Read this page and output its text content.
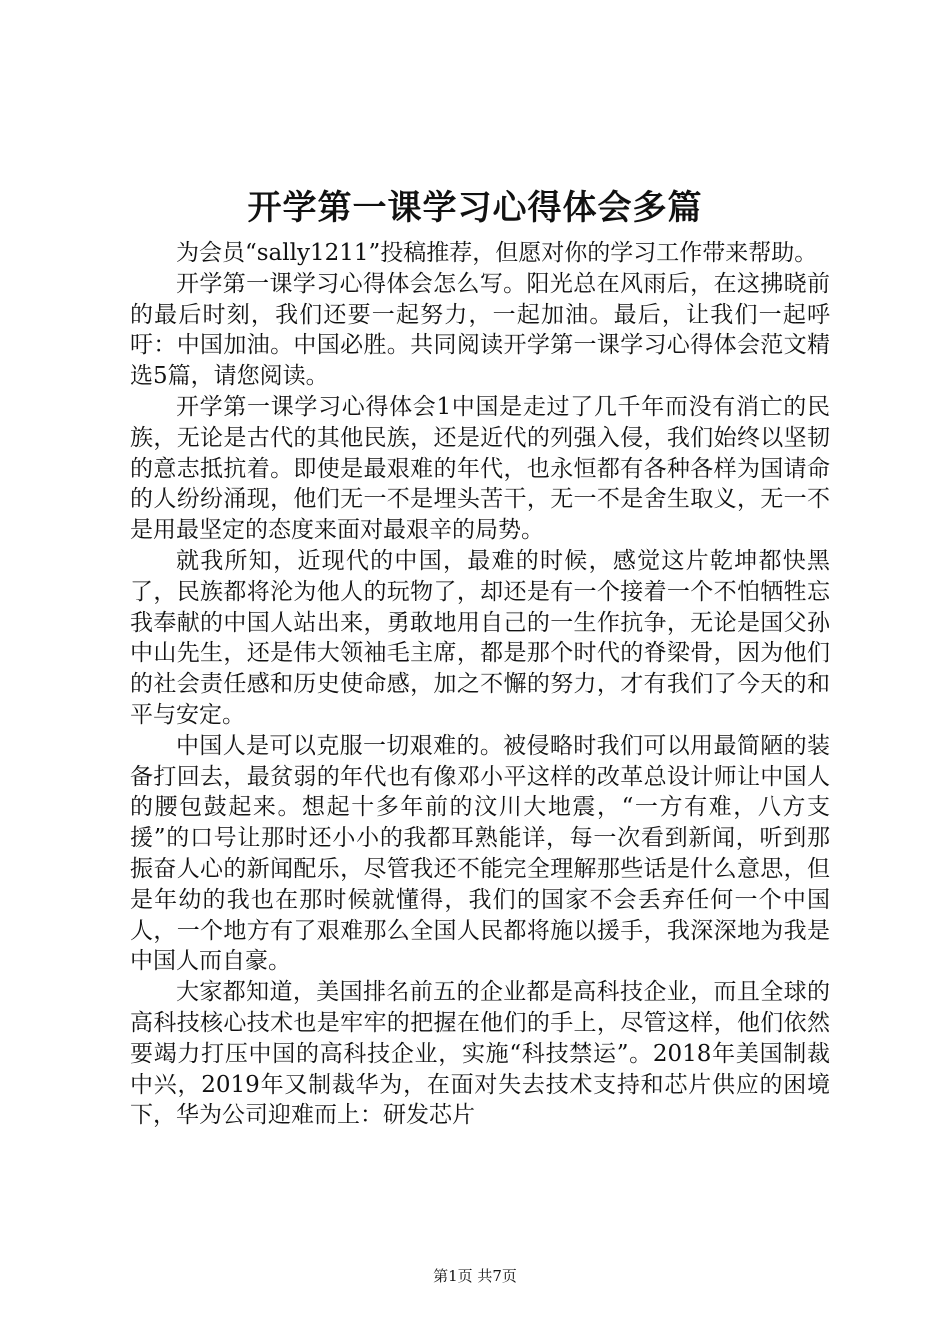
开学第一课学习心得体会多篇

为会员“sally1211”投稿推荐，但愿对你的学习工作带来帮助。

开学第一课学习心得体会怎么写。阳光总在风雨后，在这拂晓前的最后时刻，我们还要一起努力，一起加油。最后，让我们一起呼吁：中国加油。中国必胜。共同阅读开学第一课学习心得体会范文精选5篇，请您阅读。

开学第一课学习心得体会1中国是走过了几千年而没有消亡的民族，无论是古代的其他民族，还是近代的列强入侵，我们始终以坚韧的意志抵抗着。即使是最艰难的年代，也永恒都有各种各样为国请命的人纷纷涌现，他们无一不是埋头苦干，无一不是舍生取义，无一不是用最坚定的态度来面对最艰辛的局势。

就我所知，近现代的中国，最难的时候，感觉这片乾坤都快黑了，民族都将沦为他人的玩物了，却还是有一个接着一个不怕牺牲忘我奉献的中国人站出来，勇敢地用自己的一生作抗争，无论是国父孙中山先生，还是伟大领袖毛主席，都是那个时代的脊梁骨，因为他们的社会责任感和历史使命感，加之不懈的努力，才有我们了今天的和平与安定。

中国人是可以克服一切艰难的。被侵略时我们可以用最简陋的装备打回去，最贫弱的年代也有像邓小平这样的改革总设计师让中国人的腰包鼓起来。想起十多年前的汶川大地震，“一方有难，八方支援”的口号让那时还小小的我都耳熟能详，每一次看到新闻，听到那振奋人心的新闻配乐，尽管我还不能完全理解那些话是什么意思，但是年幼的我也在那时候就懂得，我们的国家不会丢弃任何一个中国人，一个地方有了艰难那么全国人民都将施以援手，我深深地为我是中国人而自豪。

大家都知道，美国排名前五的企业都是高科技企业，而且全球的高科技核心技术也是牢牢的把握在他们的手上，尽管这样，他们依然要竭力打压中国的高科技企业，实施“科技禁运”。2018年美国制裁中兴，2019年又制裁华为，在面对失去技术支持和芯片供应的困境下，华为公司迎难而上：研发芯片

第1页 共7页
